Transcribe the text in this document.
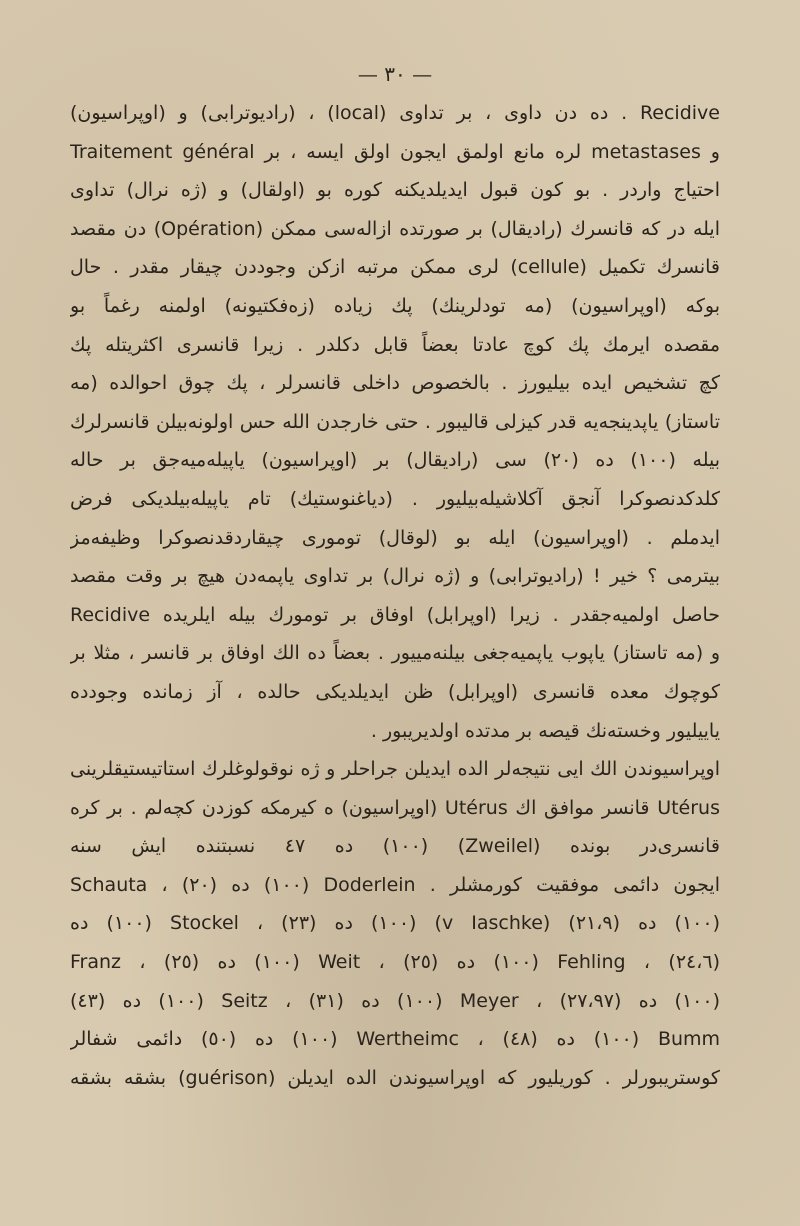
— ٣٠ —
Recidive . ده دن داوی ، بر تداوی (local) ، (رادیوترابی) و (اوپراسیون)
و metastases لره مانع اولمق ایجون اولق ایسه ، بر Traitement général
احتیاج واردر . بو کون قبول ایدیلدیکنه کوره بو (اولقال) و (ژه نرال) تداوی
ایله در که قانسرك (رادیقال) بر صورتده ازاله‌سی ممکن (Opération) دن مقصد
قانسرك تکمیل (cellule) لری ممکن مرتبه ازکن وجوددن چیقار مقدر . حال
بوکه (اوپراسیون) (مه تودلرینك) پك زیاده (زه‌فکتیونه) اولمنه رغماً بو
مقصده ایرمك پك کوچ عادتا بعضاً قابل دکلدر . زیرا قانسری اکثریتله پك
کچ تشخیص ایده بیلیورز . بالخصوص داخلی قانسرلر ، پك چوق احوالده (مه
تاستاز) یاپدینجه‌یه قدر کیزلی قالیبور . حتی خارجدن الله حس اولونه‌بیلن قانسرلرك
بیله (١٠٠) ده (٢٠) سی (رادیقال) بر (اوپراسیون) یاپیله‌میه‌جق بر حاله
کلدکدنصوکرا آنجق آکلاشیله‌بیلیور . (دیاغنوستیك) تام یاپیله‌بیلدیکی فرض
ایدملم . (اوپراسیون) ایله بو (لوقال) تومورى چیقاردقدنصوکرا وظیفه‌مز
بیترمی ؟ خیر ! (رادیوترابی) و (ژه نرال) بر تداوی یاپمه‌دن هیچ بر وقت مقصد
حاصل اولمیه‌جقدر . زیرا (اوپرابل) اوفاق بر تومورك بیله ایلریده Recidive
و (مه تاستاز) یاپوب یاپمیه‌جغی بیلنه‌مییور . بعضاً ده الك اوفاق بر قانسر ، مثلا بر
کوچوك معده قانسری (اوپرابل) ظن ایدیلدیکی حالده ، آز زمانده وجودده
یاییلیور وخسته‌نك قیصه بر مدتده اولدیریبور .
اوپراسیوندن الك ایی نتیجه‌لر الده ایدیلن جراحلر و ژه نوقولوغلرك استاتیستیقلرینی
Utérus قانسر موافق اك Utérus (اوپراسیون) ه کیرمکه کوزدن کچه‌لم . بر کره
قانسری‌در بونده (Zweilel) (١٠٠) ده ٤٧ نسبتنده ایش سنه
ایجون دائمی موفقیت کورمشلر . Doderlein (١٠٠) ده (٢٠) ، Schauta
(١٠٠) ده (٢١،٩) (v Iaschke) (١٠٠) ده (٢٣) ، Stockel (١٠٠) ده
(٢٤،٦) ، Fehling (١٠٠) ده (٢٥) ، Weit (١٠٠) ده (٢٥) ، Franz
(١٠٠) ده (٢٧،٩٧) ، Meyer (١٠٠) ده (٣١) ، Seitz (١٠٠) ده (٤٣)
Bumm (١٠٠) ده (٤٨) ، Wertheimc (١٠٠) ده (٥٠) دائمی شفالر
کوستریبورلر . کوریلیور که اوپراسیوندن الده ایدیلن (guérison) بشقه بشقه
